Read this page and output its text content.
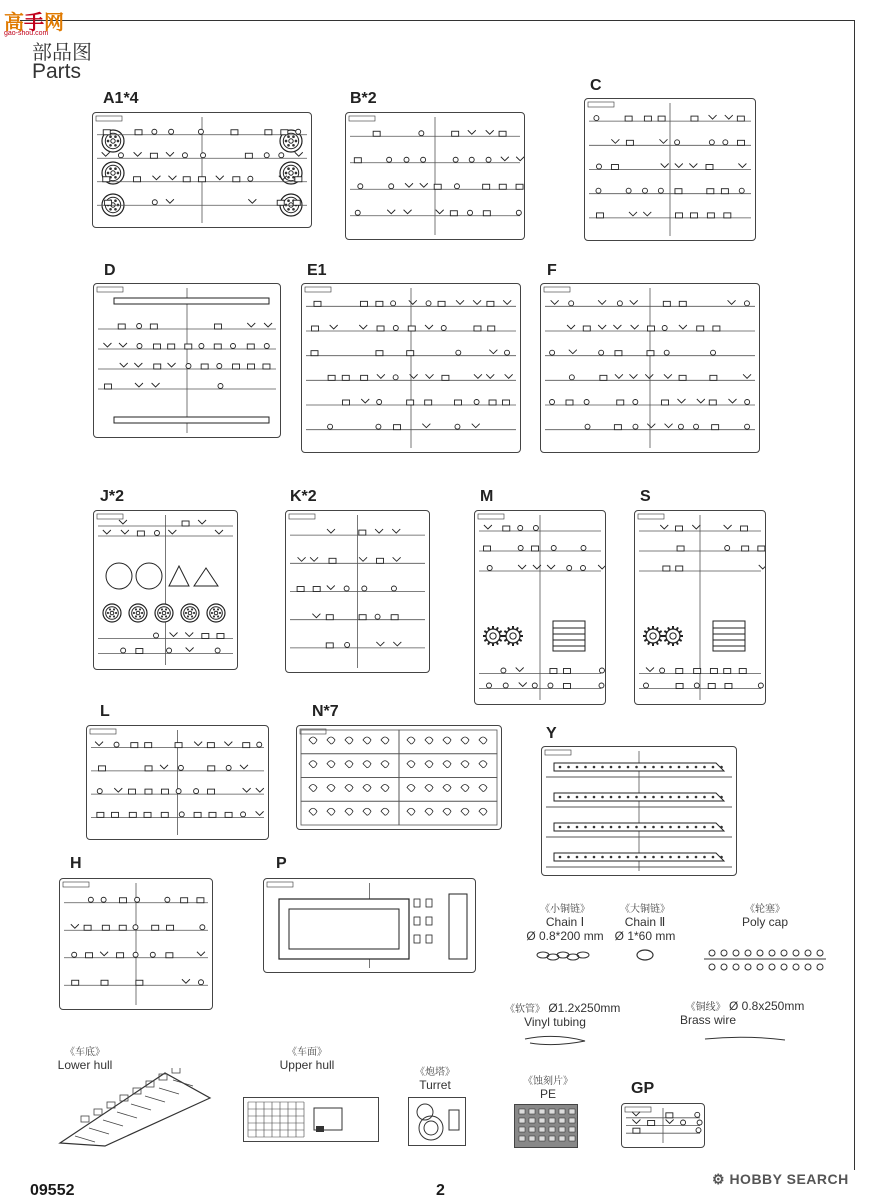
高手网
gao-shou.com
部品图
Parts
A1*4	B*2
C
D	E1	F
J*2	K*2	M	S
L	N*7
Y
H	P
GP
《小铜链》
Chain Ⅰ
Ø 0.8*200 mm
《大铜链》
Chain Ⅱ
Ø 1*60 mm
《轮塞》
Poly cap
《软管》 Ø1.2x250mm
Vinyl tubing
《铜线》 Ø 0.8x250mm
Brass wire
《车底》
Lower hull
《车面》
Upper hull
《炮塔》
Turret	《蚀刻片》
PE
09552	2
⚙ HOBBY SEARCH
